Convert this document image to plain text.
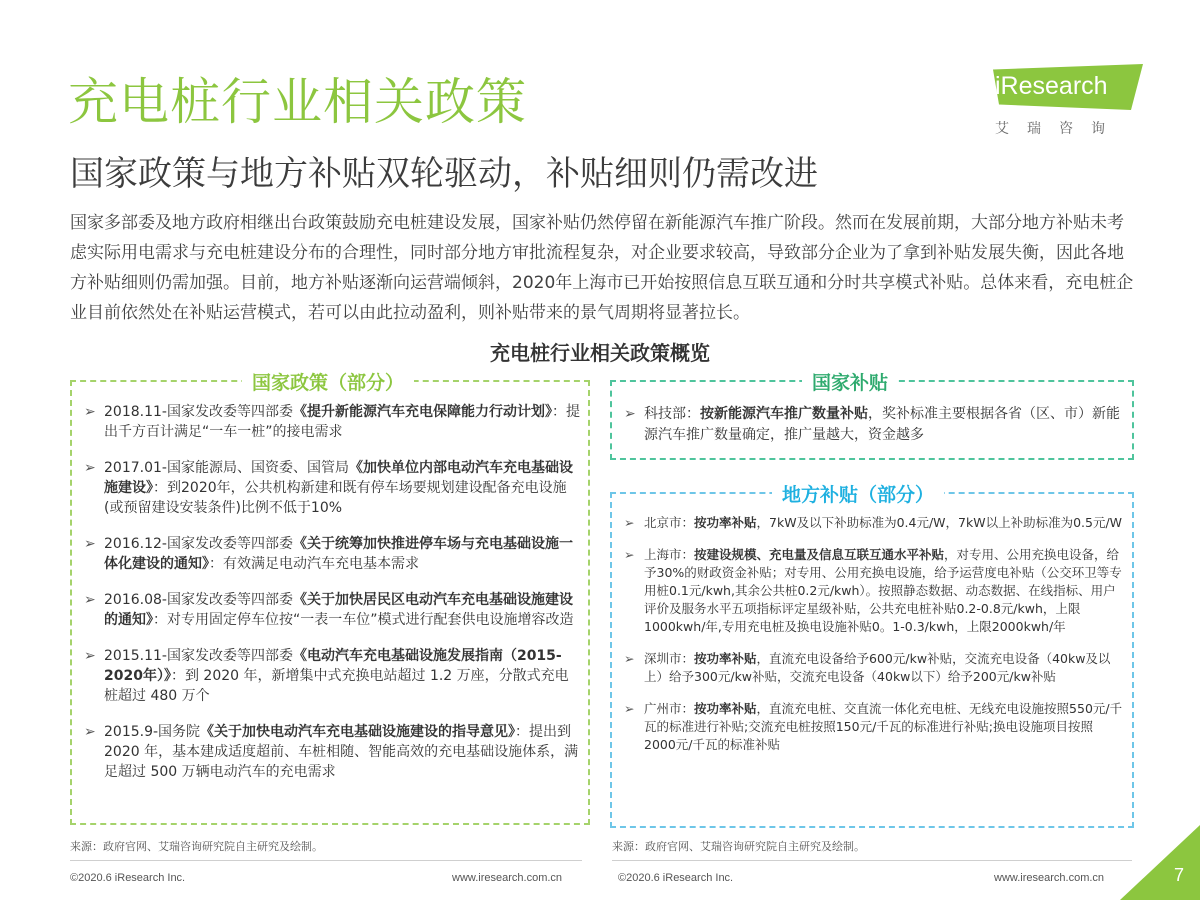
充电桩行业相关政策
国家政策与地方补贴双轮驱动，补贴细则仍需改进
iResearch
艾瑞咨询
国家多部委及地方政府相继出台政策鼓励充电桩建设发展，国家补贴仍然停留在新能源汽车推广阶段。然而在发展前期，大部分地方补贴未考虑实际用电需求与充电桩建设分布的合理性，同时部分地方审批流程复杂，对企业要求较高，导致部分企业为了拿到补贴发展失衡，因此各地方补贴细则仍需加强。目前，地方补贴逐渐向运营端倾斜，2020年上海市已开始按照信息互联互通和分时共享模式补贴。总体来看，充电桩企业目前依然处在补贴运营模式，若可以由此拉动盈利，则补贴带来的景气周期将显著拉长。
充电桩行业相关政策概览
国家政策（部分）
➢ 2018.11-国家发改委等四部委《提升新能源汽车充电保障能力行动计划》：提出千方百计满足“一车一桩”的接电需求
➢ 2017.01-国家能源局、国资委、国管局《加快单位内部电动汽车充电基础设施建设》：到2020年，公共机构新建和既有停车场要规划建设配备充电设施(或预留建设安装条件)比例不低于10%
➢ 2016.12-国家发改委等四部委《关于统筹加快推进停车场与充电基础设施一体化建设的通知》：有效满足电动汽车充电基本需求
➢ 2016.08-国家发改委等四部委《关于加快居民区电动汽车充电基础设施建设的通知》：对专用固定停车位按“一表一车位”模式进行配套供电设施增容改造
➢ 2015.11-国家发改委等四部委《电动汽车充电基础设施发展指南（2015-2020年）》：到 2020 年，新增集中式充换电站超过 1.2 万座，分散式充电桩超过 480 万个
➢ 2015.9-国务院《关于加快电动汽车充电基础设施建设的指导意见》：提出到 2020 年，基本建成适度超前、车桩相随、智能高效的充电基础设施体系，满足超过 500 万辆电动汽车的充电需求
国家补贴
➢ 科技部：按新能源汽车推广数量补贴，奖补标准主要根据各省（区、市）新能源汽车推广数量确定，推广量越大，资金越多
地方补贴（部分）
➢ 北京市：按功率补贴，7kW及以下补助标准为0.4元/W，7kW以上补助标准为0.5元/W
➢ 上海市：按建设规模、充电量及信息互联互通水平补贴，对专用、公用充换电设备，给予30%的财政资金补贴；对专用、公用充换电设施，给予运营度电补贴（公交环卫等专用桩0.1元/kwh,其余公共桩0.2元/kwh）。按照静态数据、动态数据、在线指标、用户评价及服务水平五项指标评定星级补贴，公共充电桩补贴0.2-0.8元/kwh，上限1000kwh/年,专用充电桩及换电设施补贴0。1-0.3/kwh，上限2000kwh/年
➢ 深圳市：按功率补贴，直流充电设备给予600元/kw补贴，交流充电设备（40kw及以上）给予300元/kw补贴，交流充电设备（40kw以下）给予200元/kw补贴
➢ 广州市：按功率补贴，直流充电桩、交直流一体化充电桩、无线充电设施按照550元/千瓦的标准进行补贴;交流充电桩按照150元/千瓦的标准进行补贴;换电设施项目按照2000元/千瓦的标准补贴
来源：政府官网、艾瑞咨询研究院自主研究及绘制。	来源：政府官网、艾瑞咨询研究院自主研究及绘制。
©2020.6 iResearch Inc.	www.iresearch.com.cn	©2020.6 iResearch Inc.	www.iresearch.com.cn	7
